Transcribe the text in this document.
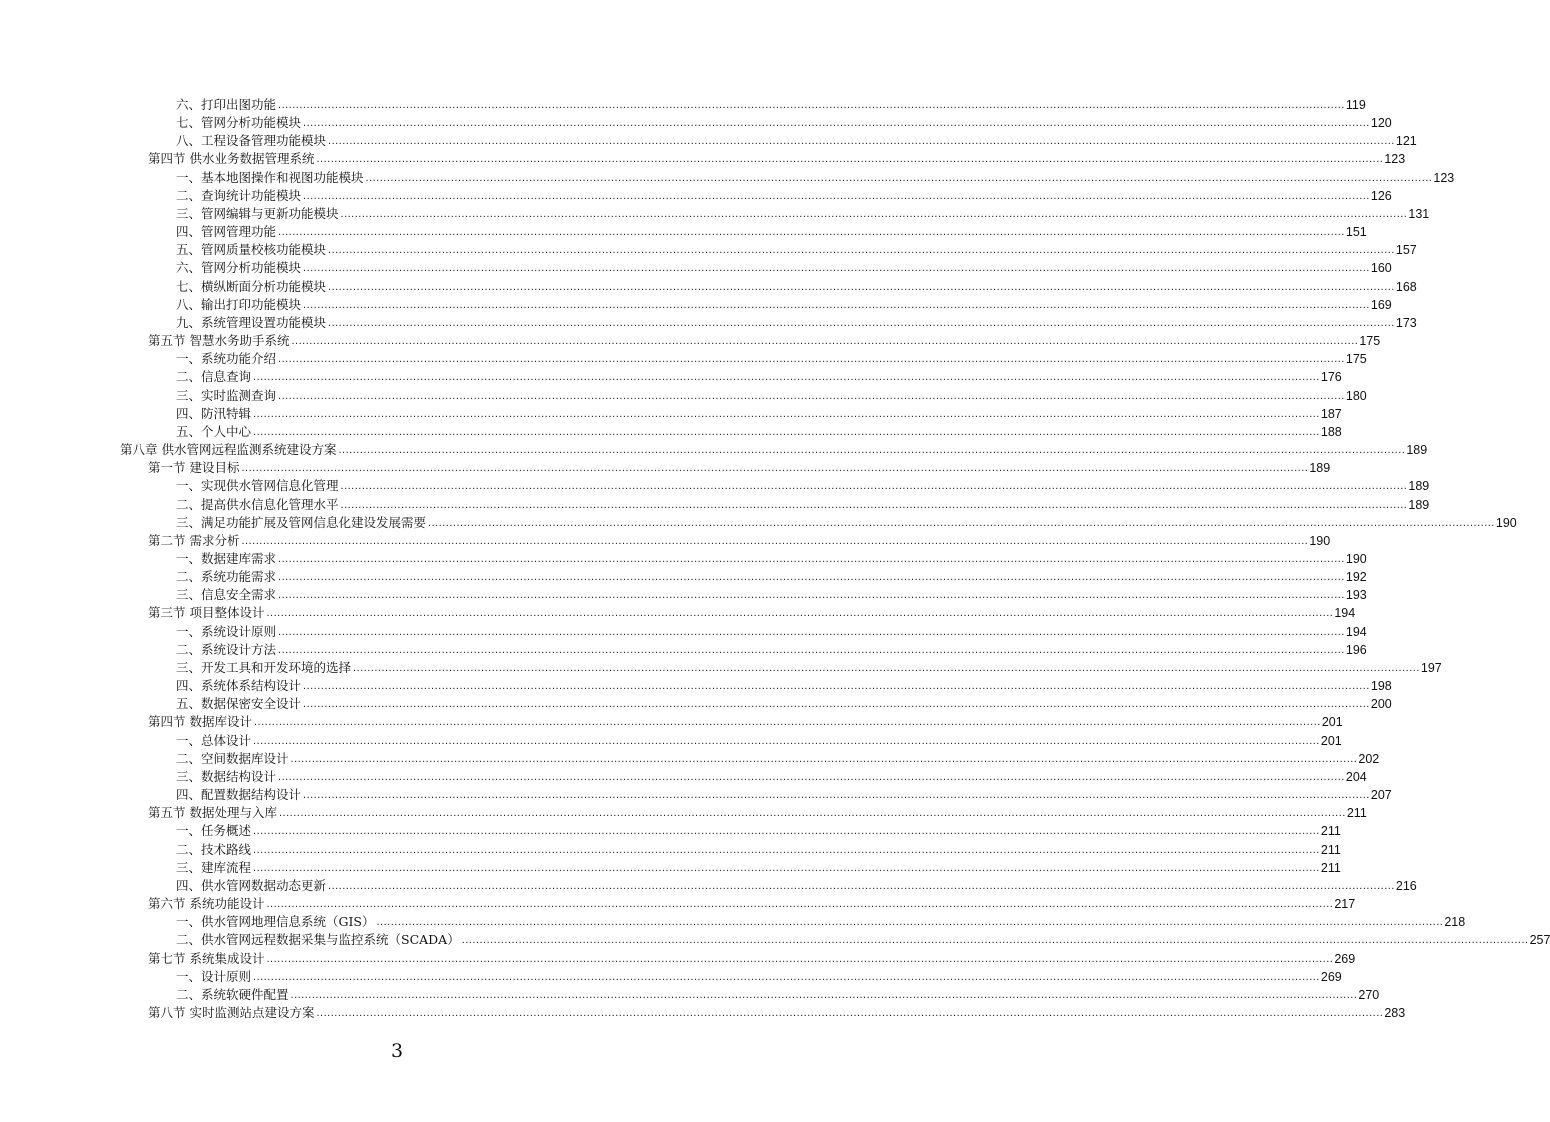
六、打印出图功能 ............................................................................................................................................................................................................................................................................................................ 119
七、管网分析功能模块 ............................................................................................................................................................................................................................................................................................................ 120
八、工程设备管理功能模块 ............................................................................................................................................................................................................................................................................................................ 121
第四节 供水业务数据管理系统 ............................................................................................................................................................................................................................................................................................................ 123
一、基本地图操作和视图功能模块 ............................................................................................................................................................................................................................................................................................................ 123
二、查询统计功能模块 ............................................................................................................................................................................................................................................................................................................ 126
三、管网编辑与更新功能模块 ............................................................................................................................................................................................................................................................................................................ 131
四、管网管理功能 ............................................................................................................................................................................................................................................................................................................ 151
五、管网质量校核功能模块 ............................................................................................................................................................................................................................................................................................................ 157
六、管网分析功能模块 ............................................................................................................................................................................................................................................................................................................ 160
七、横纵断面分析功能模块 ............................................................................................................................................................................................................................................................................................................ 168
八、输出打印功能模块 ............................................................................................................................................................................................................................................................................................................ 169
九、系统管理设置功能模块 ............................................................................................................................................................................................................................................................................................................ 173
第五节 智慧水务助手系统 ............................................................................................................................................................................................................................................................................................................ 175
一、系统功能介绍 ............................................................................................................................................................................................................................................................................................................ 175
二、信息查询 ............................................................................................................................................................................................................................................................................................................ 176
三、实时监测查询 ............................................................................................................................................................................................................................................................................................................ 180
四、防汛特辑 ............................................................................................................................................................................................................................................................................................................ 187
五、个人中心 ............................................................................................................................................................................................................................................................................................................ 188
第八章 供水管网远程监测系统建设方案 ............................................................................................................................................................................................................................................................................................................ 189
第一节 建设目标 ............................................................................................................................................................................................................................................................................................................ 189
一、实现供水管网信息化管理 ............................................................................................................................................................................................................................................................................................................ 189
二、提高供水信息化管理水平 ............................................................................................................................................................................................................................................................................................................ 189
三、满足功能扩展及管网信息化建设发展需要 ............................................................................................................................................................................................................................................................................................................ 190
第二节 需求分析 ............................................................................................................................................................................................................................................................................................................ 190
一、数据建库需求 ............................................................................................................................................................................................................................................................................................................ 190
二、系统功能需求 ............................................................................................................................................................................................................................................................................................................ 192
三、信息安全需求 ............................................................................................................................................................................................................................................................................................................ 193
第三节 项目整体设计 ............................................................................................................................................................................................................................................................................................................ 194
一、系统设计原则 ............................................................................................................................................................................................................................................................................................................ 194
二、系统设计方法 ............................................................................................................................................................................................................................................................................................................ 196
三、开发工具和开发环境的选择 ............................................................................................................................................................................................................................................................................................................ 197
四、系统体系结构设计 ............................................................................................................................................................................................................................................................................................................ 198
五、数据保密安全设计 ............................................................................................................................................................................................................................................................................................................ 200
第四节 数据库设计 ............................................................................................................................................................................................................................................................................................................ 201
一、总体设计 ............................................................................................................................................................................................................................................................................................................ 201
二、空间数据库设计 ............................................................................................................................................................................................................................................................................................................ 202
三、数据结构设计 ............................................................................................................................................................................................................................................................................................................ 204
四、配置数据结构设计 ............................................................................................................................................................................................................................................................................................................ 207
第五节 数据处理与入库 ............................................................................................................................................................................................................................................................................................................ 211
一、任务概述 ............................................................................................................................................................................................................................................................................................................ 211
二、技术路线 ............................................................................................................................................................................................................................................................................................................ 211
三、建库流程 ............................................................................................................................................................................................................................................................................................................ 211
四、供水管网数据动态更新 ............................................................................................................................................................................................................................................................................................................ 216
第六节 系统功能设计 ............................................................................................................................................................................................................................................................................................................ 217
一、供水管网地理信息系统（GIS） ............................................................................................................................................................................................................................................................................................................ 218
二、供水管网远程数据采集与监控系统（SCADA） ............................................................................................................................................................................................................................................................................................................ 257
第七节 系统集成设计 ............................................................................................................................................................................................................................................................................................................ 269
一、设计原则 ............................................................................................................................................................................................................................................................................................................ 269
二、系统软硬件配置 ............................................................................................................................................................................................................................................................................................................ 270
第八节 实时监测站点建设方案 ............................................................................................................................................................................................................................................................................................................ 283
3
